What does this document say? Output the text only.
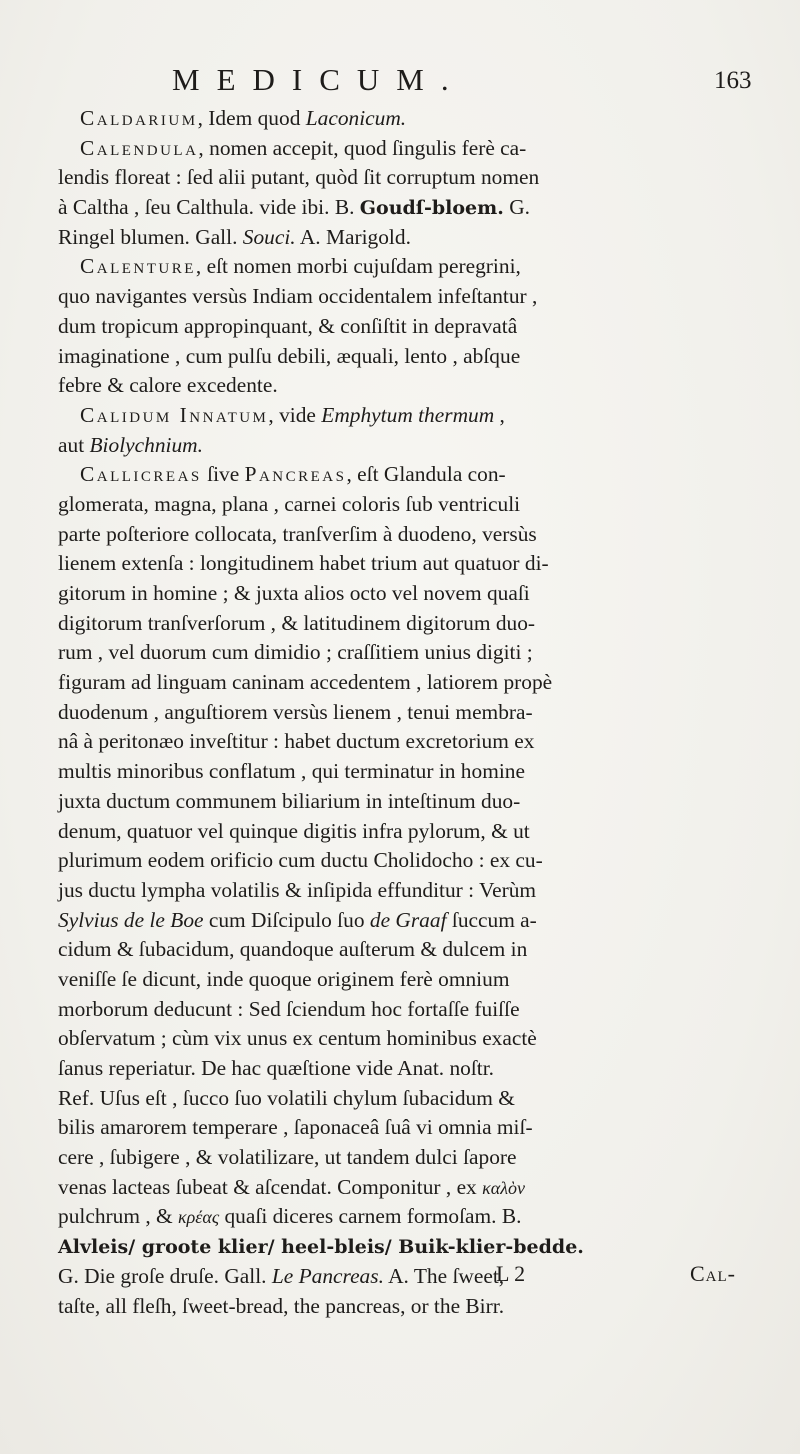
MEDICUM.	163
Caldarium, Idem quod Laconicum.
Calendula, nomen accepit, quod ſingulis ferè ca-
lendis floreat : ſed alii putant, quòd ſit corruptum nomen
à Caltha , ſeu Calthula. vide ibi. B. Goudſ-bloem. G.
Ringel blumen. Gall. Souci. A. Marigold.
Calenture, eſt nomen morbi cujuſdam peregrini,
quo navigantes versùs Indiam occidentalem infeſtantur ,
dum tropicum appropinquant, & conſiſtit in depravatâ
imaginatione , cum pulſu debili, æquali, lento , abſque
febre & calore excedente.
Calidum Innatum, vide Emphytum thermum ,
aut Biolychnium.
Callicreas ſive Pancreas, eſt Glandula con-
glomerata, magna, plana , carnei coloris ſub ventriculi
parte poſteriore collocata, tranſverſim à duodeno, versùs
lienem extenſa : longitudinem habet trium aut quatuor di-
gitorum in homine ; & juxta alios octo vel novem quaſi
digitorum tranſverſorum , & latitudinem digitorum duo-
rum , vel duorum cum dimidio ; craſſitiem unius digiti ;
figuram ad linguam caninam accedentem , latiorem propè
duodenum , anguſtiorem versùs lienem , tenui membra-
nâ à peritonæo inveſtitur : habet ductum excretorium ex
multis minoribus conflatum , qui terminatur in homine
juxta ductum communem biliarium in inteſtinum duo-
denum, quatuor vel quinque digitis infra pylorum, & ut
plurimum eodem orificio cum ductu Cholidocho : ex cu-
jus ductu lympha volatilis & inſipida effunditur : Verùm
Sylvius de le Boe cum Diſcipulo ſuo de Graaf ſuccum a-
cidum & ſubacidum, quandoque auſterum & dulcem in
veniſſe ſe dicunt, inde quoque originem ferè omnium
morborum deducunt : Sed ſciendum hoc fortaſſe fuiſſe
obſervatum ; cùm vix unus ex centum hominibus exactè
ſanus reperiatur. De hac quæſtione vide Anat. noſtr.
Ref. Uſus eſt , ſucco ſuo volatili chylum ſubacidum &
bilis amarorem temperare , ſaponaceâ ſuâ vi omnia miſ-
cere , ſubigere , & volatilizare, ut tandem dulci ſapore
venas lacteas ſubeat & aſcendat. Componitur , ex καλὸν
pulchrum , & κρέας quaſi diceres carnem formoſam. B.
Alvleis/ groote klier/ heel-bleis/ Buik-klier-bedde.
G. Die groſe druſe. Gall. Le Pancreas. A. The ſweet,
taſte, all fleſh, ſweet-bread, the pancreas, or the Birr.
L 2	Cal-
